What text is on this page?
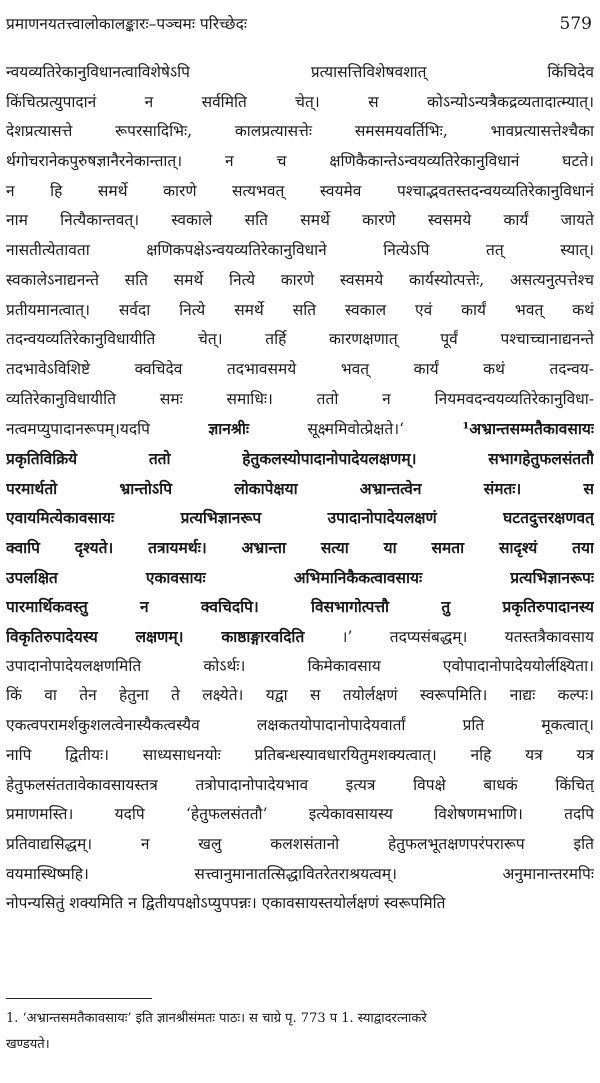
प्रमाणनयतत्त्वालोकालङ्कारः–पञ्चमः परिच्छेदः	579
न्वयव्यतिरेकानुविधानत्वाविशेषेऽपि प्रत्यासत्तिविशेषवशात् किंचिदेव
किंचित्प्रत्युपादानं न सर्वमिति चेत्। स कोऽन्योऽन्यत्रैकद्रव्यतादात्म्यात्।
देशप्रत्यासत्ते रूपरसादिभिः, कालप्रत्यासत्तेः समसमयवर्तिभिः, भावप्रत्यासत्तेश्चैका
र्थगोचरानेकपुरुषज्ञानैरनेकान्तात्। न च क्षणिकैकान्तेऽन्वयव्यतिरेकानुविधानं घटते।
न हि समर्थे कारणे सत्यभवत् स्वयमेव पश्चाद्भवतस्तदन्वयव्यतिरेकानुविधानं
नाम नित्यैकान्तवत्। स्वकाले सति समर्थे कारणे स्वसमये कार्यं जायते
नासतीत्येतावता क्षणिकपक्षेऽन्वयव्यतिरेकानुविधाने नित्येऽपि तत् स्यात्।
स्वकालेऽनाद्यनन्ते सति समर्थे नित्ये कारणे स्वसमये कार्यस्योत्पत्तेः, असत्यनुत्पत्तेश्च
प्रतीयमानत्वात्। सर्वदा नित्ये समर्थे सति स्वकाल एवं कार्यं भवत् कथं
तदन्वयव्यतिरेकानुविधायीति चेत्। तर्हि कारणक्षणात् पूर्वं पश्चाच्चानाद्यनन्ते
तदभावेऽविशिष्टे क्वचिदेव तदभावसमये भवत् कार्यं कथं तदन्वय-
व्यतिरेकानुविधायीति समः समाधिः। ततो न नियमवदन्वयव्यतिरेकानुविधा-
नत्वमप्युपादानरूपम्।यदपि	ज्ञानश्रीः	सूक्ष्ममिवोत्प्रेक्षते।‘	¹अभ्रान्तसम्मतैकावसायः
प्रकृतिविक्रिये ततो हेतुकलस्योपादानोपादेयलक्षणम्। सभागहेतुफलसंततौ
परमार्थतो भ्रान्तोऽपि लोकापेक्षया अभ्रान्तत्वेन संमतः। स
एवायमित्येकावसायः प्रत्यभिज्ञानरूप उपादानोपादेयलक्षणं घटतदुत्तरक्षणवत्
क्वापि दृश्यते। तत्रायमर्थः। अभ्रान्ता सत्या या समता सादृश्यं तया
उपलक्षित एकावसायः अभिमानिकैकत्वावसायः प्रत्यभिज्ञानरूपः
पारमार्थिकवस्तु न क्वचिदपि। विसभागोत्पत्तौ तु प्रकृतिरुपादानस्य
विकृतिरुपादेयस्य लक्षणम्। काष्ठाङ्गारवदिति ।’ तदप्यसंबद्धम्। यतस्तत्रैकावसाय
उपादानोपादेयलक्षणमिति कोऽर्थः। किमेकावसाय एवोपादानोपादेययोर्लक्ष्यिता।
किं वा तेन हेतुना ते लक्ष्येते। यद्वा स तयोर्लक्षणं स्वरूपमिति। नाद्यः कल्पः।
एकत्वपरामर्शकुशलत्वेनास्यैकत्वस्यैव लक्षकतयोपादानोपादेयवार्तां प्रति मूकत्वात्।
नापि द्वितीयः। साध्यसाधनयोः प्रतिबन्धस्यावधारयितुमशक्यत्वात्। नहि यत्र यत्र
हेतुफलसंततावेकावसायस्तत्र तत्रोपादानोपादेयभाव इत्यत्र विपक्षे बाधकं किंचित्
प्रमाणमस्ति। यदपि ‘हेतुफलसंततौ’ इत्येकावसायस्य विशेषणमभाणि। तदपि
प्रतिवाद्यसिद्धम्। न खलु कलशसंतानो हेतुफलभूतक्षणपरंपरारूप इति
वयमास्थिष्महि। सत्त्वानुमानातत्सिद्धावितरेतराश्रयत्वम्। अनुमानान्तरमपिः
नोपन्यसितुं शक्यमिति न द्वितीयपक्षोऽप्युपपन्नः। एकावसायस्तयोर्लक्षणं स्वरूपमिति
1. ‘अभ्रान्तसमतैकावसायः’ इति ज्ञानश्रीसंमतः पाठः। स चाग्रे पृ. 773 प 1. स्याद्वादरत्नाकरे
खण्डयते।
